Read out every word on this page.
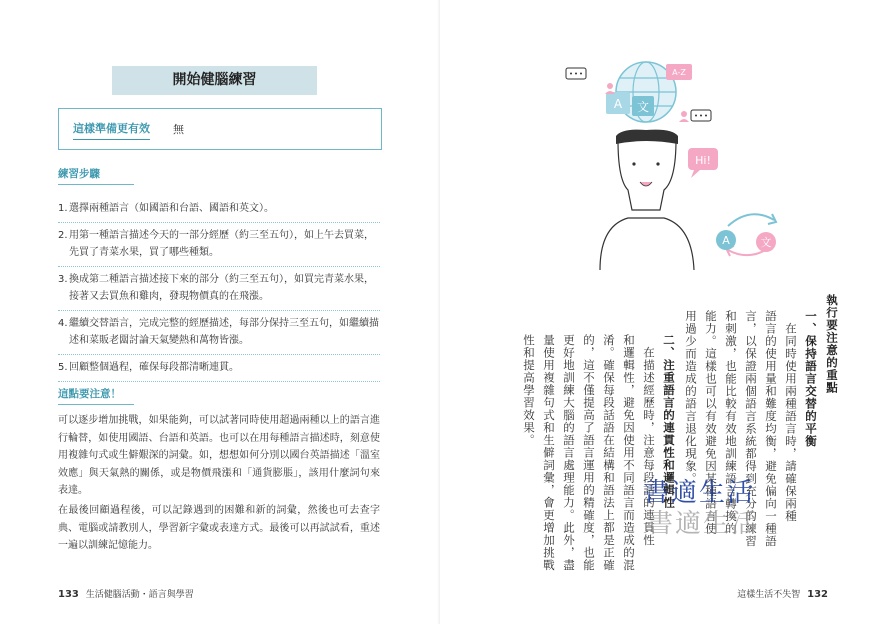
開始健腦練習
這樣準備更有效 無
練習步驟
1. 選擇兩種語言（如國語和台語、國語和英文）。
2. 用第一種語言描述今天的一部分經歷（約三至五句），如上午去買菜，先買了青菜水果，買了哪些種類。
3. 換成第二種語言描述接下來的部分（約三至五句），如買完青菜水果，接著又去買魚和雞肉，發現物價真的在飛漲。
4. 繼續交替語言，完成完整的經歷描述，每部分保持三至五句，如繼續描述和菜販老闆討論天氣變熱和萬物皆漲。
5. 回顧整個過程，確保每段都清晰連貫。
這點要注意！
可以逐步增加挑戰，如果能夠，可以試著同時使用超過兩種以上的語言進行輪替，如使用國語、台語和英語。也可以在用每種語言描述時，刻意使用複雜句式或生僻艱深的詞彙。如，想想如何分別以國台英語描述「溫室效應」與天氣熱的關係，或是物價飛漲和「通貨膨脹」，該用什麼詞句來表達。
在最後回顧過程後，可以記錄遇到的困難和新的詞彙，然後也可去查字典、電腦或請教別人，學習新字彙或表達方式。最後可以再試試看，重述一遍以訓練記憶能力。
133 生活健腦活動・語言與學習
A-Z
A 文
Hi!
A	文
執行要注意的重點
一、保持語言交替的平衡
　在同時使用兩種語言時，請確保兩種
語言的使用量和難度均衡，避免偏向一種語
言，以保證兩個語言系統都得到充分的練習
和刺激，也能比較有效地訓練語言轉換的
能力。這樣也可以有效避免因某種語言使
用過少而造成的語言退化現象。
二、注重語言的連貫性和邏輯性
　在描述經歷時，注意每段話的連貫性
和邏輯性，避免因使用不同語言而造成的混
淆。確保每段話語在結構和語法上都是正確
的，這不僅提高了語言運用的精確度，也能
更好地訓練大腦的語言處理能力。此外，盡
量使用複雜句式和生僻詞彙，會更增加挑戰
性和提高學習效果。
書適生活
書適生活
這樣生活不失智 132
